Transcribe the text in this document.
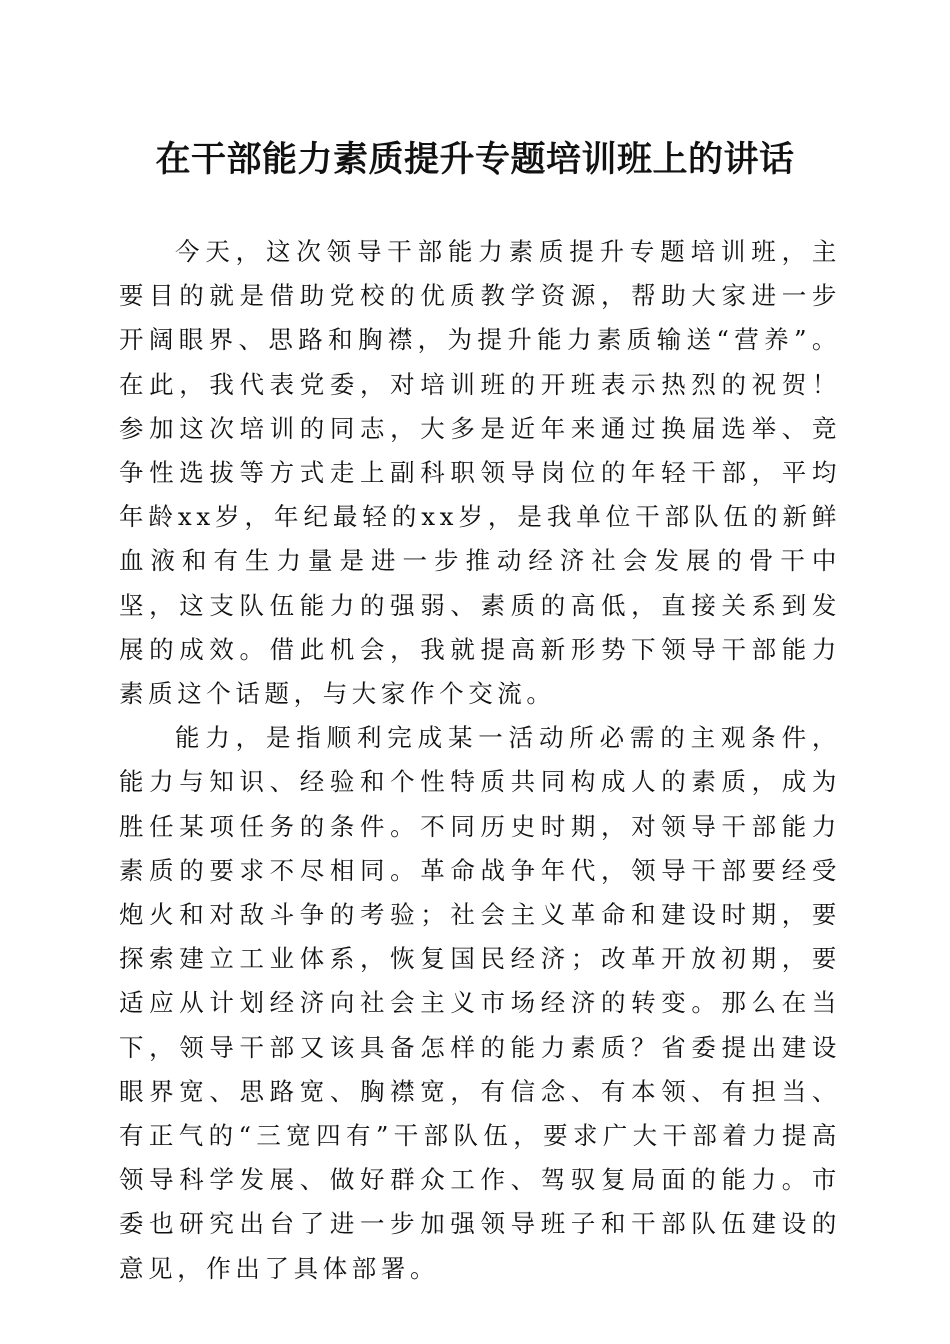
在干部能力素质提升专题培训班上的讲话

今天，这次领导干部能力素质提升专题培训班，主要目的就是借助党校的优质教学资源，帮助大家进一步开阔眼界、思路和胸襟，为提升能力素质输送“营养”。在此，我代表党委，对培训班的开班表示热烈的祝贺！参加这次培训的同志，大多是近年来通过换届选举、竞争性选拔等方式走上副科职领导岗位的年轻干部，平均年龄xx岁，年纪最轻的xx岁，是我单位干部队伍的新鲜血液和有生力量是进一步推动经济社会发展的骨干中坚，这支队伍能力的强弱、素质的高低，直接关系到发展的成效。借此机会，我就提高新形势下领导干部能力素质这个话题，与大家作个交流。

能力，是指顺利完成某一活动所必需的主观条件，能力与知识、经验和个性特质共同构成人的素质，成为胜任某项任务的条件。不同历史时期，对领导干部能力素质的要求不尽相同。革命战争年代，领导干部要经受炮火和对敌斗争的考验；社会主义革命和建设时期，要探索建立工业体系，恢复国民经济；改革开放初期，要适应从计划经济向社会主义市场经济的转变。那么在当下，领导干部又该具备怎样的能力素质？省委提出建设眼界宽、思路宽、胸襟宽，有信念、有本领、有担当、有正气的“三宽四有”干部队伍，要求广大干部着力提高领导科学发展、做好群众工作、驾驭复局面的能力。市委也研究出台了进一步加强领导班子和干部队伍建设的意见，作出了具体部署。
